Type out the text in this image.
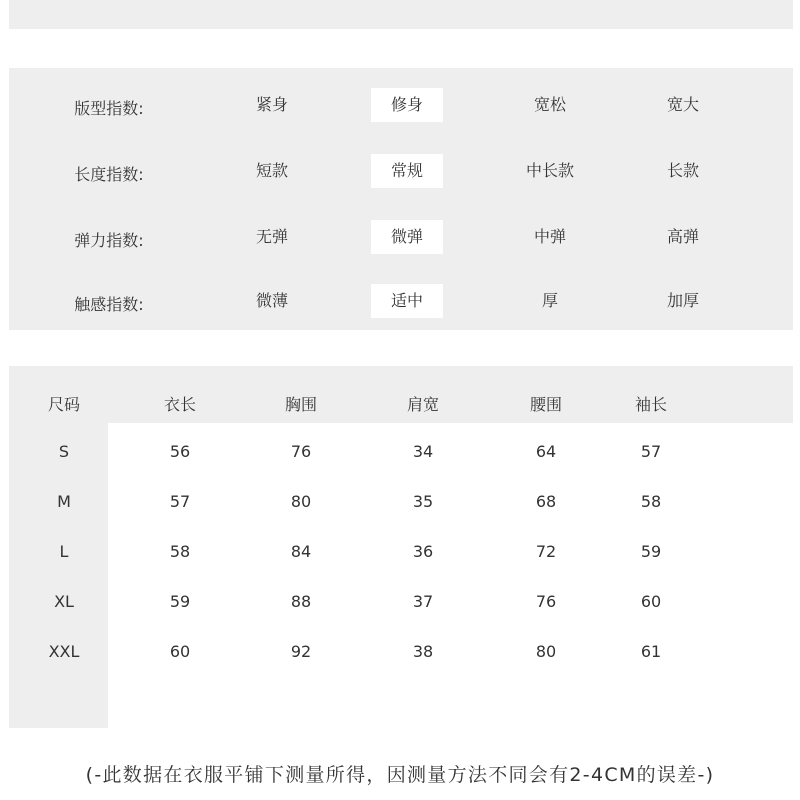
版型指数:	紧身	修身	宽松	宽大
长度指数:	短款	常规	中长款	长款
弹力指数:	无弹	微弹	中弹	高弹
触感指数:	微薄	适中	厚	加厚
尺码	衣长	胸围	肩宽	腰围	袖长
S	56	76	34	64	57
M	57	80	35	68	58
L	58	84	36	72	59
XL	59	88	37	76	60
XXL	60	92	38	80	61
(-此数据在衣服平铺下测量所得，因测量方法不同会有2-4CM的误差-)
